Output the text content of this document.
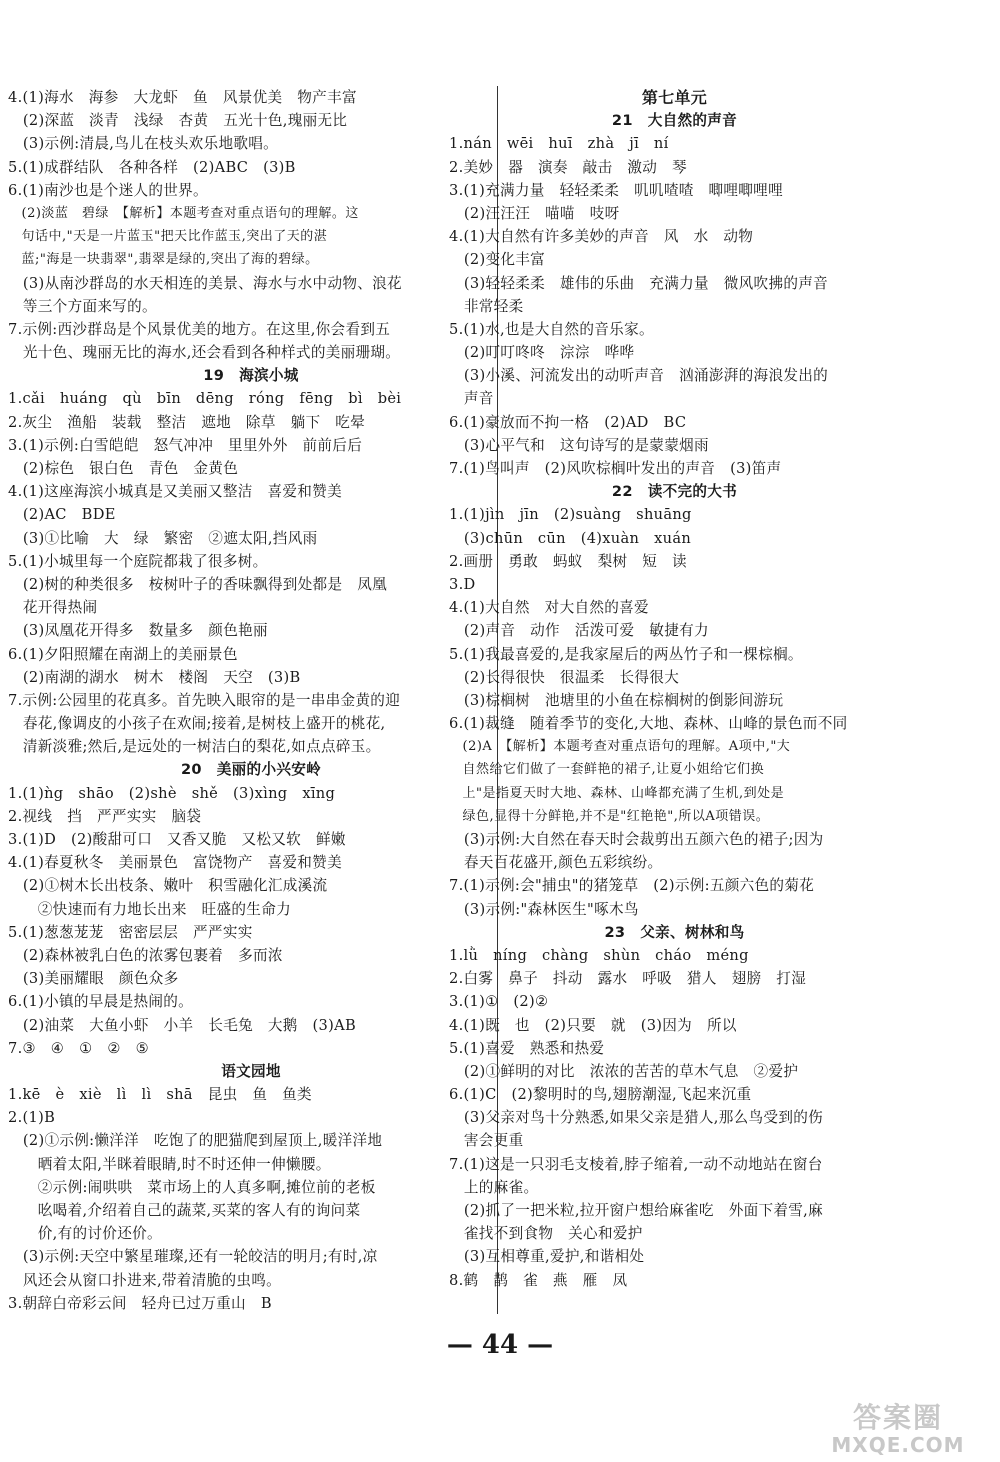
4.(1)海水　海参　大龙虾　鱼　风景优美　物产丰富
　(2)深蓝　淡青　浅绿　杏黄　五光十色,瑰丽无比
　(3)示例:清晨,鸟儿在枝头欢乐地歌唱。
5.(1)成群结队　各种各样　(2)ABC　(3)B
6.(1)南沙也是个迷人的世界。
　(2)淡蓝　碧绿　【解析】本题考查对重点语句的理解。这
　句话中,"天是一片蓝玉"把天比作蓝玉,突出了天的湛
　蓝;"海是一块翡翠",翡翠是绿的,突出了海的碧绿。
　(3)从南沙群岛的水天相连的美景、海水与水中动物、浪花
　等三个方面来写的。
7.示例:西沙群岛是个风景优美的地方。在这里,你会看到五
　光十色、瑰丽无比的海水,还会看到各种样式的美丽珊瑚。
19　海滨小城
1.cǎi　huáng　qù　bīn　dēng　róng　fēng　bì　bèi
2.灰尘　渔船　装载　整洁　遮地　除草　躺下　吃晕
3.(1)示例:白雪皑皑　怒气冲冲　里里外外　前前后后
　(2)棕色　银白色　青色　金黄色
4.(1)这座海滨小城真是又美丽又整洁　喜爱和赞美
　(2)AC　BDE
　(3)①比喻　大　绿　繁密　②遮太阳,挡风雨
5.(1)小城里每一个庭院都栽了很多树。
　(2)树的种类很多　桉树叶子的香味飘得到处都是　凤凰
　花开得热闹
　(3)凤凰花开得多　数量多　颜色艳丽
6.(1)夕阳照耀在南湖上的美丽景色
　(2)南湖的湖水　树木　楼阁　天空　(3)B
7.示例:公园里的花真多。首先映入眼帘的是一串串金黄的迎
　春花,像调皮的小孩子在欢闹;接着,是树枝上盛开的桃花,
　清新淡雅;然后,是远处的一树洁白的梨花,如点点碎玉。
20　美丽的小兴安岭
1.(1)ǹg　shāo　(2)shè　shě　(3)xìng　xīng
2.视线　挡　严严实实　脑袋
3.(1)D　(2)酸甜可口　又香又脆　又松又软　鲜嫩
4.(1)春夏秋冬　美丽景色　富饶物产　喜爱和赞美
　(2)①树木长出枝条、嫩叶　积雪融化汇成溪流
　　②快速而有力地长出来　旺盛的生命力
5.(1)葱葱茏茏　密密层层　严严实实
　(2)森林被乳白色的浓雾包裹着　多而浓
　(3)美丽耀眼　颜色众多
6.(1)小镇的早晨是热闹的。
　(2)油菜　大鱼小虾　小羊　长毛兔　大鹅　(3)AB
7.③　④　①　②　⑤
语文园地
1.kē　è　xiè　lì　lì　shā　昆虫　鱼　鱼类
2.(1)B
　(2)①示例:懒洋洋　吃饱了的肥猫爬到屋顶上,暖洋洋地
　　晒着太阳,半眯着眼睛,时不时还伸一伸懒腰。
　　②示例:闹哄哄　菜市场上的人真多啊,摊位前的老板
　　吆喝着,介绍着自己的蔬菜,买菜的客人有的询问菜
　　价,有的讨价还价。
　(3)示例:天空中繁星璀璨,还有一轮皎洁的明月;有时,凉
　风还会从窗口扑进来,带着清脆的虫鸣。
3.朝辞白帝彩云间　轻舟已过万重山　B
第七单元
21　大自然的声音
1.nán　wēi　huī　zhà　jī　ní
2.美妙　器　演奏　敲击　激动　琴
3.(1)充满力量　轻轻柔柔　叽叽喳喳　唧哩唧哩哩
　(2)汪汪汪　喵喵　吱呀
4.(1)大自然有许多美妙的声音　风　水　动物
　(2)变化丰富
　(3)轻轻柔柔　雄伟的乐曲　充满力量　微风吹拂的声音
　非常轻柔
5.(1)水,也是大自然的音乐家。
　(2)叮叮咚咚　淙淙　哗哗
　(3)小溪、河流发出的动听声音　汹涌澎湃的海浪发出的
　声音
6.(1)豪放而不拘一格　(2)AD　BC
　(3)心平气和　这句诗写的是蒙蒙烟雨
7.(1)鸟叫声　(2)风吹棕榈叶发出的声音　(3)笛声
22　读不完的大书
1.(1)jìn　jīn　(2)suàng　shuāng
　(3)chūn　cūn　(4)xuàn　xuán
2.画册　勇敢　蚂蚁　梨树　短　读
3.D
4.(1)大自然　对大自然的喜爱
　(2)声音　动作　活泼可爱　敏捷有力
5.(1)我最喜爱的,是我家屋后的两丛竹子和一棵棕榈。
　(2)长得很快　很温柔　长得很大
　(3)棕榈树　池塘里的小鱼在棕榈树的倒影间游玩
6.(1)裁缝　随着季节的变化,大地、森林、山峰的景色而不同
　(2)A　【解析】本题考查对重点语句的理解。A项中,"大
　自然给它们做了一套鲜艳的裙子,让夏小姐给它们换
　上"是指夏天时大地、森林、山峰都充满了生机,到处是
　绿色,显得十分鲜艳,并不是"红艳艳",所以A项错误。
　(3)示例:大自然在春天时会裁剪出五颜六色的裙子;因为
　春天百花盛开,颜色五彩缤纷。
7.(1)示例:会"捕虫"的猪笼草　(2)示例:五颜六色的菊花
　(3)示例:"森林医生"啄木鸟
23　父亲、树林和鸟
1.lǜ　níng　chàng　shùn　cháo　méng
2.白雾　鼻子　抖动　露水　呼吸　猎人　翅膀　打湿
3.(1)①　(2)②
4.(1)既　也　(2)只要　就　(3)因为　所以
5.(1)喜爱　熟悉和热爱
　(2)①鲜明的对比　浓浓的苦苦的草木气息　②爱护
6.(1)C　(2)黎明时的鸟,翅膀潮湿,飞起来沉重
　(3)父亲对鸟十分熟悉,如果父亲是猎人,那么鸟受到的伤
　害会更重
7.(1)这是一只羽毛支棱着,脖子缩着,一动不动地站在窗台
　上的麻雀。
　(2)抓了一把米粒,拉开窗户想给麻雀吃　外面下着雪,麻
　雀找不到食物　关心和爱护
　(3)互相尊重,爱护,和谐相处
8.鹤　鹊　雀　燕　雁　凤
— 44 —
答案圈
MXQE.COM
